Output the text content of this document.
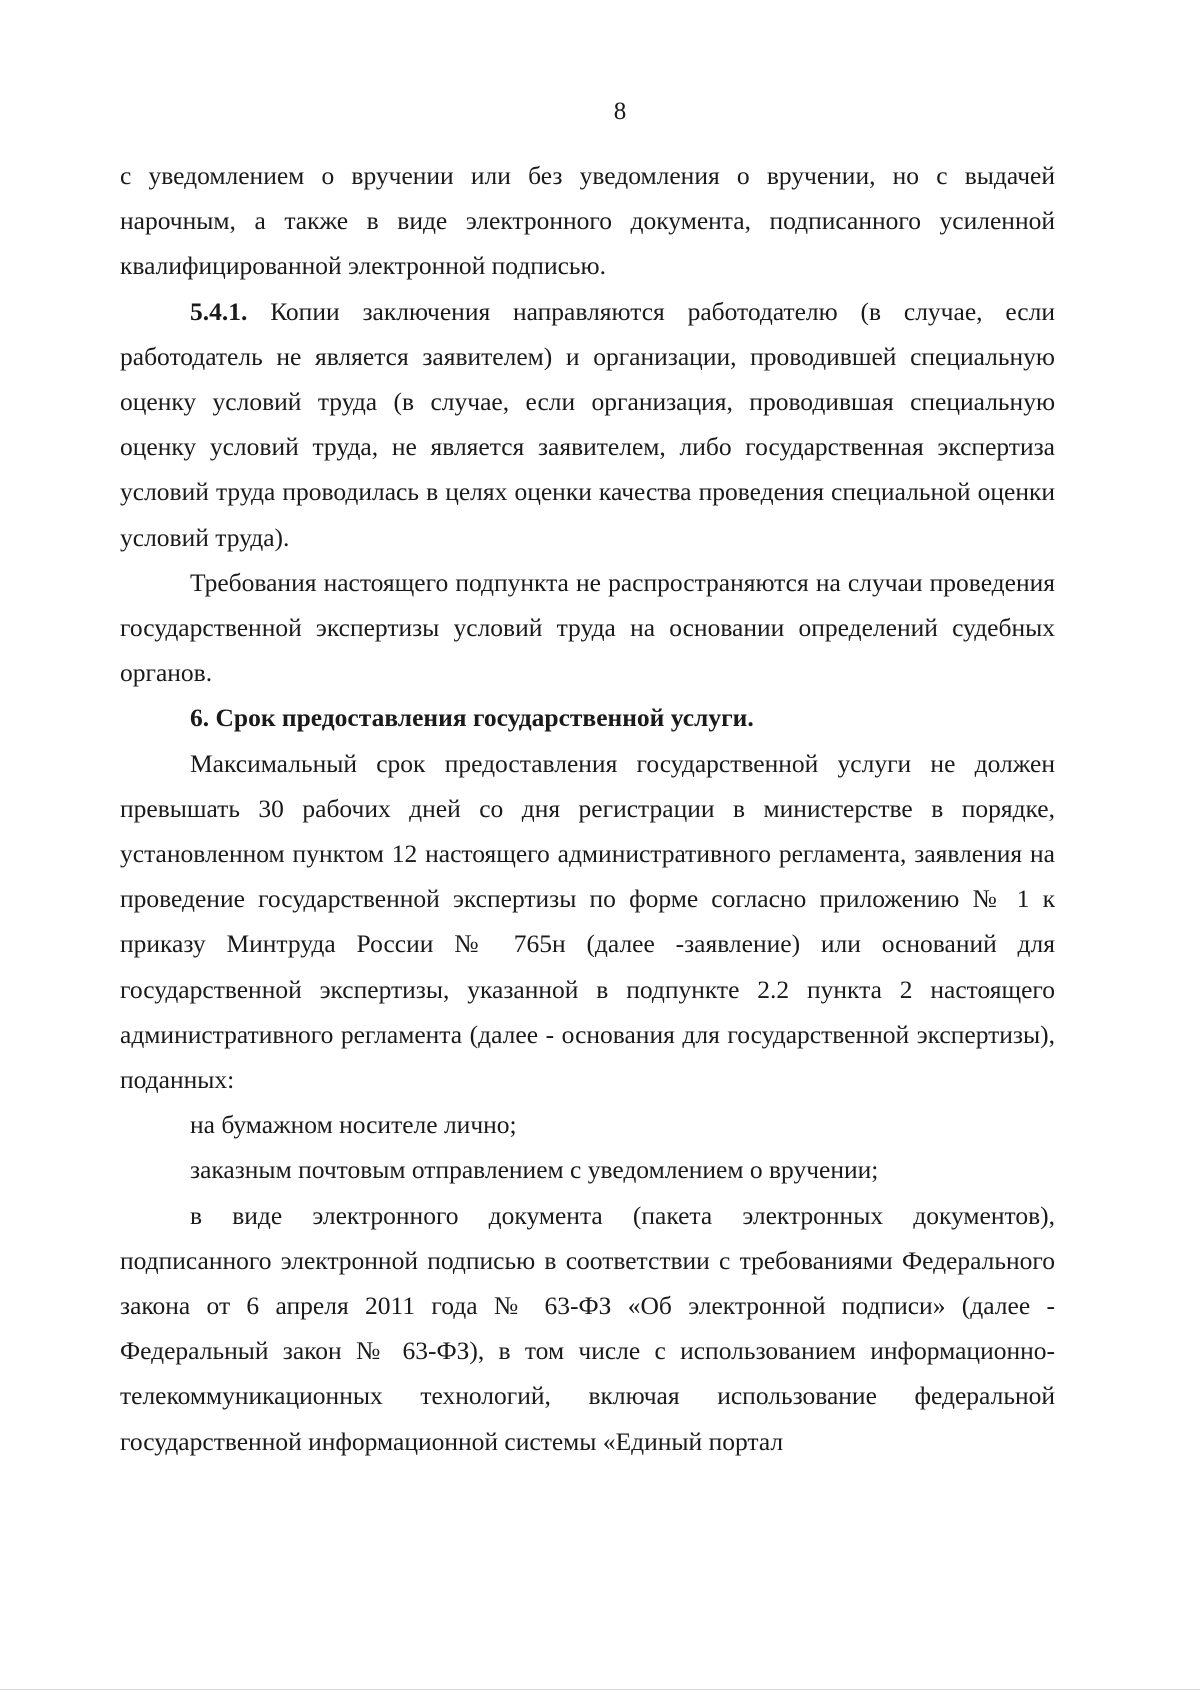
8

с уведомлением о вручении или без уведомления о вручении, но с выдачей нарочным, а также в виде электронного документа, подписанного усиленной квалифицированной электронной подписью.

5.4.1. Копии заключения направляются работодателю (в случае, если работодатель не является заявителем) и организации, проводившей специальную оценку условий труда (в случае, если организация, проводившая специальную оценку условий труда, не является заявителем, либо государственная экспертиза условий труда проводилась в целях оценки качества проведения специальной оценки условий труда).

Требования настоящего подпункта не распространяются на случаи проведения государственной экспертизы условий труда на основании определений судебных органов.

6. Срок предоставления государственной услуги.

Максимальный срок предоставления государственной услуги не должен превышать 30 рабочих дней со дня регистрации в министерстве в порядке, установленном пунктом 12 настоящего административного регламента, заявления на проведение государственной экспертизы по форме согласно приложению № 1 к приказу Минтруда России № 765н (далее -заявление) или оснований для государственной экспертизы, указанной в подпункте 2.2 пункта 2 настоящего административного регламента (далее - основания для государственной экспертизы), поданных:

на бумажном носителе лично;

заказным почтовым отправлением с уведомлением о вручении;

в виде электронного документа (пакета электронных документов), подписанного электронной подписью в соответствии с требованиями Федерального закона от 6 апреля 2011 года № 63-ФЗ «Об электронной подписи» (далее - Федеральный закон № 63-ФЗ), в том числе с использованием информационно-телекоммуникационных технологий, включая использование федеральной государственной информационной системы «Единый портал
